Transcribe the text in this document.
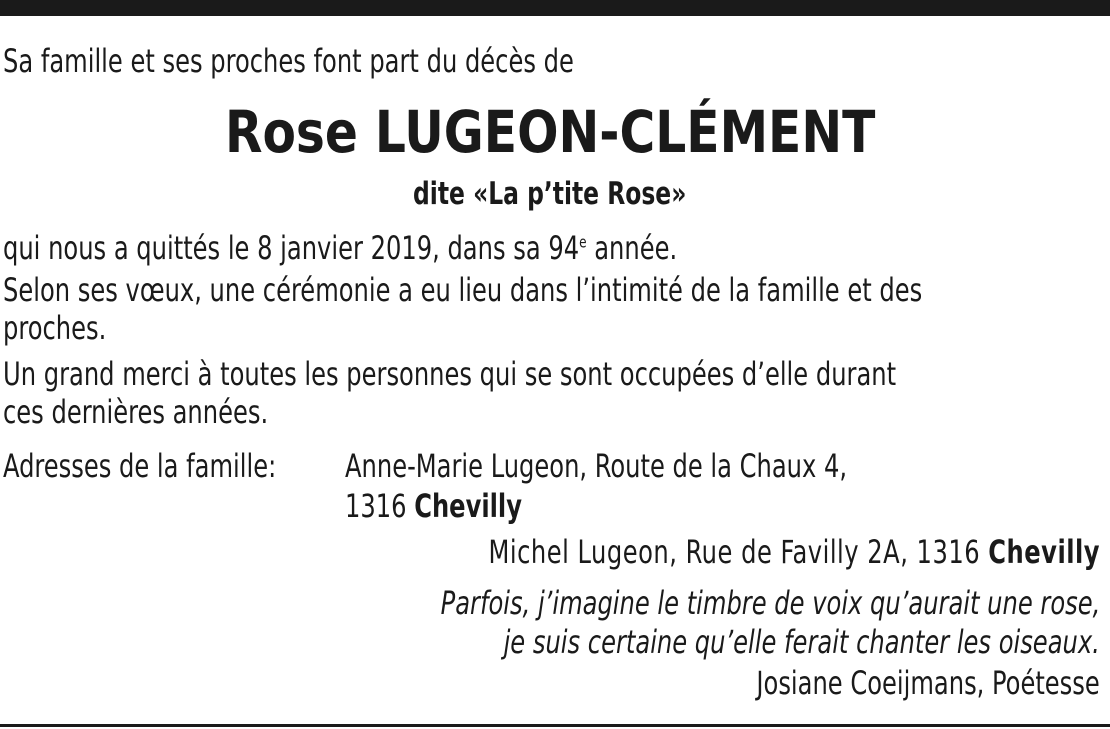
Sa famille et ses proches font part du décès de
Rose LUGEON-CLÉMENT
dite «La p’tite Rose»
qui nous a quittés le 8 janvier 2019, dans sa 94e année.
Selon ses vœux, une cérémonie a eu lieu dans l’intimité de la famille et des
proches.
Un grand merci à toutes les personnes qui se sont occupées d’elle durant
ces dernières années.
Adresses de la famille: Anne-Marie Lugeon, Route de la Chaux 4,
1316 Chevilly
Michel Lugeon, Rue de Favilly 2A, 1316 Chevilly
Parfois, j’imagine le timbre de voix qu’aurait une rose,
je suis certaine qu’elle ferait chanter les oiseaux.
Josiane Coeijmans, Poétesse
